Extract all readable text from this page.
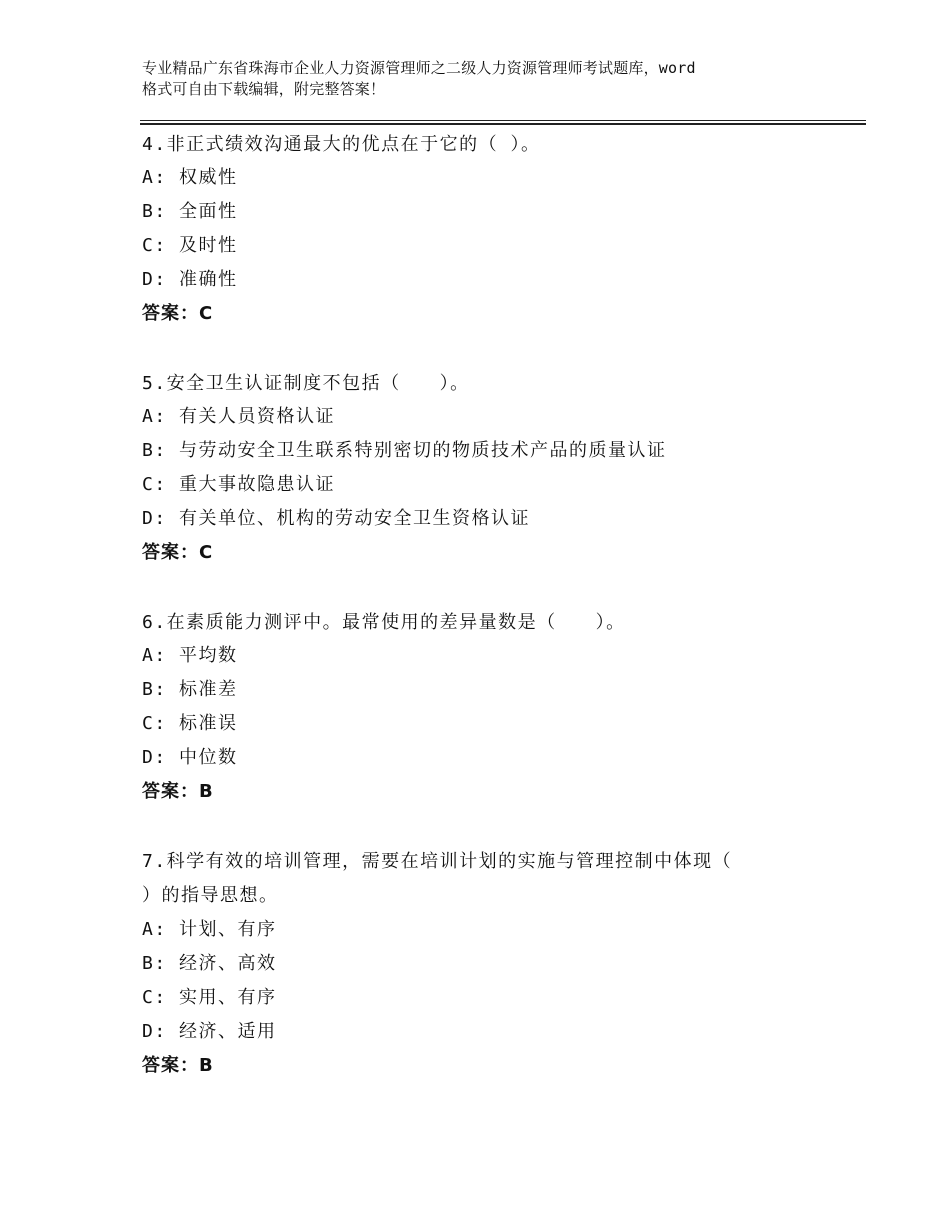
专业精品广东省珠海市企业人力资源管理师之二级人力资源管理师考试题库，word
格式可自由下载编辑，附完整答案！
4.非正式绩效沟通最大的优点在于它的（ ）。
A: 权威性
B: 全面性
C: 及时性
D: 准确性
答案：C
5.安全卫生认证制度不包括（　　）。
A: 有关人员资格认证
B: 与劳动安全卫生联系特别密切的物质技术产品的质量认证
C: 重大事故隐患认证
D: 有关单位、机构的劳动安全卫生资格认证
答案：C
6.在素质能力测评中。最常使用的差异量数是（　　）。
A: 平均数
B: 标准差
C: 标准误
D: 中位数
答案：B
7.科学有效的培训管理，需要在培训计划的实施与管理控制中体现（
）的指导思想。
A: 计划、有序
B: 经济、高效
C: 实用、有序
D: 经济、适用
答案：B
